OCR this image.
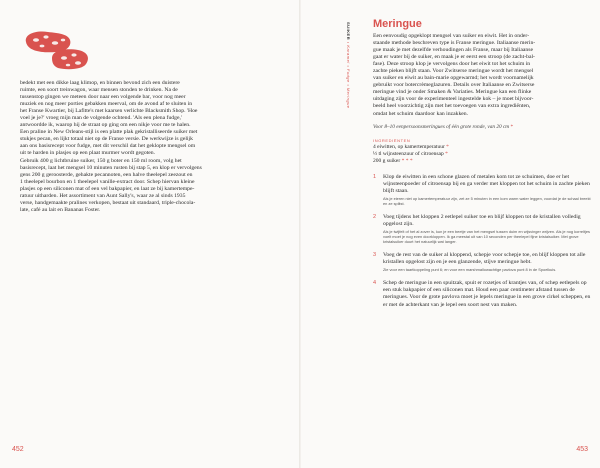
bedekt met een dikke laag klimop, en binnen bevond zich een duistere

ruimte, een soort treinwagon, waar mensen stonden te drinken. Na de

tussenstop gingen we meteen door naar een volgende bar, voor nog meer

muziek en nog meer porties gebakken meerval, om de avond af te sluiten in

het Franse Kwartier, bij Lafitte's met kaarsen verlichte Blacksmith Shop. 'Hoe

voel je je?' vroeg mijn man de volgende ochtend. 'Als een plena fudge,'

antwoordde ik, waarop hij de straat op ging om een nikje voor me te halen.

Een praline in New Orleans-stijl is een platte plak gekristalliseerde suiker met

stukjes pecan, en lijkt totaal niet op de Franse versie. De werkwijze is gelijk

aan ons basisrecept voor fudge, met dit verschil dat het geklopte mengsel om

uit te harden in plasjes op een plaat murmer wordt gegoten.

Gebruik 400 g lichtbruine suiker, 150 g boter en 150 ml room, volg het

basisrecept, laat het mengsel 10 minuten rusten bij stap 5, en klop er vervolgens

gens 200 g geroosterde, gehakte pecannoten, een halve theelepel zeezout en

1 theelepel bourbon en 1 theelepel vanille-extract door. Schep hiervan kleine

plasjes op een siliconen mat of een vel bakpapier, en laat ze bij kamertempe-

ratuur uitharden. Het assortiment van Aunt Sally's, waar ze al sinds 1935

verse, handgemaakte pralines verkopen, bestaat uit standaard, triple-chocola-

late, café au lait en Bananas Foster.

452
SUIKER • Karamel • Fudge • Meringue
Meringue
Een eenvoudig opgeklopt mengsel van suiker en eiwit. Het in onder-
staande methode beschreven type is Franse meringue. Italiaanse merin-
gue maak je met dezelfde verhoudingen als Franse, maar bij Italiaanse
gaat er water bij de suiker, en maak je er eerst een stroop (de zacht-bal-
fase). Deze stroop klop je vervolgens door het eiwit tot het schuim in
zachte pieken blijft staan. Voor Zwitserse meringue wordt het mengsel
van suiker en eiwit au bain-marie opgewarmd; het wordt voornamelijk
gebruikt voor botercrèmeglazuren. Details over Italiaanse en Zwitserse
meringue vind je onder Smaken & Variaties. Meringue kan een flinke
uitdaging zijn voor de experimenteel ingestelde kok – je moet bijvoor-
beeld heel voorzichtig zijn met het toevoegen van extra ingrediënten,
omdat het schuim daardoor kan inzakken.

Voor 8–10 eenpersoonsmeringues of één grote ronde, van 20 cm *

INGREDIËNTEN

4 eiwitten, op kamertemperatuur *

½ tl wijnsteenzuur of citroensap *

200 g suiker * * *

1 Klop de eiwitten in een schone glazen of metalen kom tot ze schuimen, doe er het wijnsteenpoeder of citroensap bij en ga verder met kloppen tot het schuim in zachte pieken blijft staan.

Als je eieren niet op kamertemperatuur zijn, zet ze 5 minuten in een kom warm water leggen, voordat je de schaal breekt en ze splitst.

2 Voeg tijdens het kloppen 2 eetlepel suiker toe en blijf kloppen tot de kristallen volledig opgelost zijn.

Als je twijfelt of het al zover is, kun je een beetje van het mengsel tussen duim en wijsvinger wrijven. Als je nog korreltjes voelt moet je nog even doorkloppen. Ik ga meestal uit van 10 seconden per theelepel fijne kristalsuiker. Met grove kristalsuiker duurt het natuurlijk wat langer.

3 Voeg de rest van de suiker al kloppend, schepje voor schepje toe, en blijf kloppen tot alle kristallen opgelost zijn en je een glanzende, stijve meringue hebt.

Zie voor een taartkoppeling punt 6; en voor een marshmallowachtige pavlova punt 8 in de Spoelkuis.

4 Schep de meringue in een spuitzak, spuit er rozetjes of krantjes van, of schep eetlepels op een stuk bakpapier of een siliconen mat. Houd een paar centimeter afstand tussen de meringues. Voor de grote pavlova moet je lepels meringue in een grove cirkel scheppen, en er met de achterkant van je lepel een soort nest van maken.

453
